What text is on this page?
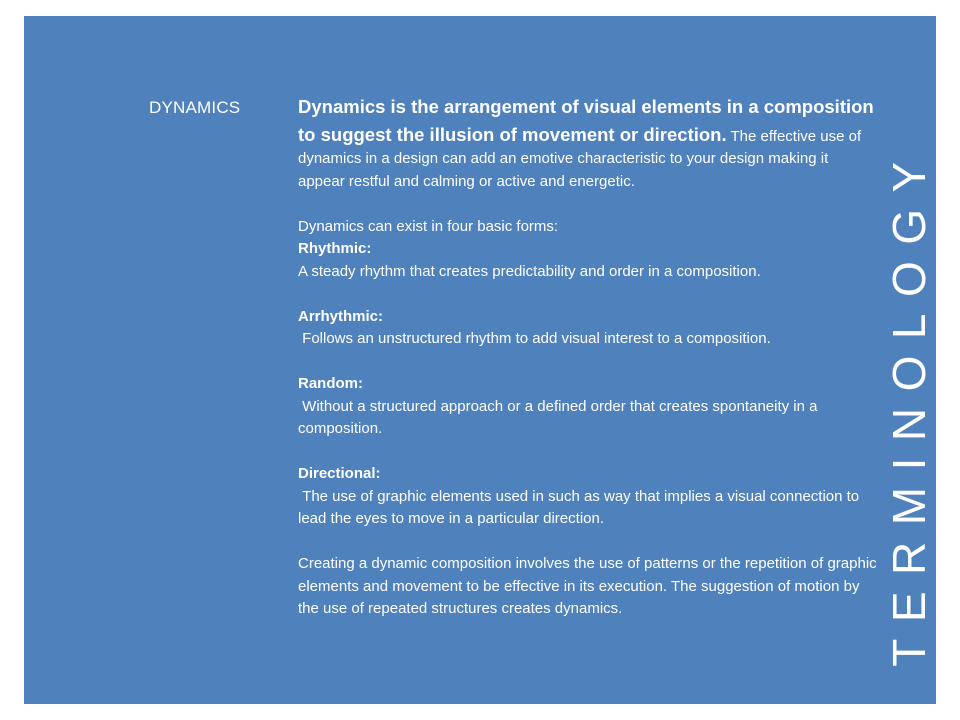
DYNAMICS	Dynamics is the arrangement of visual elements in a composition to suggest the illusion of movement or direction. The effective use of dynamics in a design can add an emotive characteristic to your design making it appear restful and calming or active and energetic.
Dynamics can exist in four basic forms:
Rhythmic:
A steady rhythm that creates predictability and order in a composition.
Arrhythmic:
Follows an unstructured rhythm to add visual interest to a composition.
Random:
Without a structured approach or a defined order that creates spontaneity in a composition.
Directional:
The use of graphic elements used in such as way that implies a visual connection to lead the eyes to move in a particular direction.
Creating a dynamic composition involves the use of patterns or the repetition of graphic elements and movement to be effective in its execution. The suggestion of motion by the use of repeated structures creates dynamics.	TERMINOLOGY
